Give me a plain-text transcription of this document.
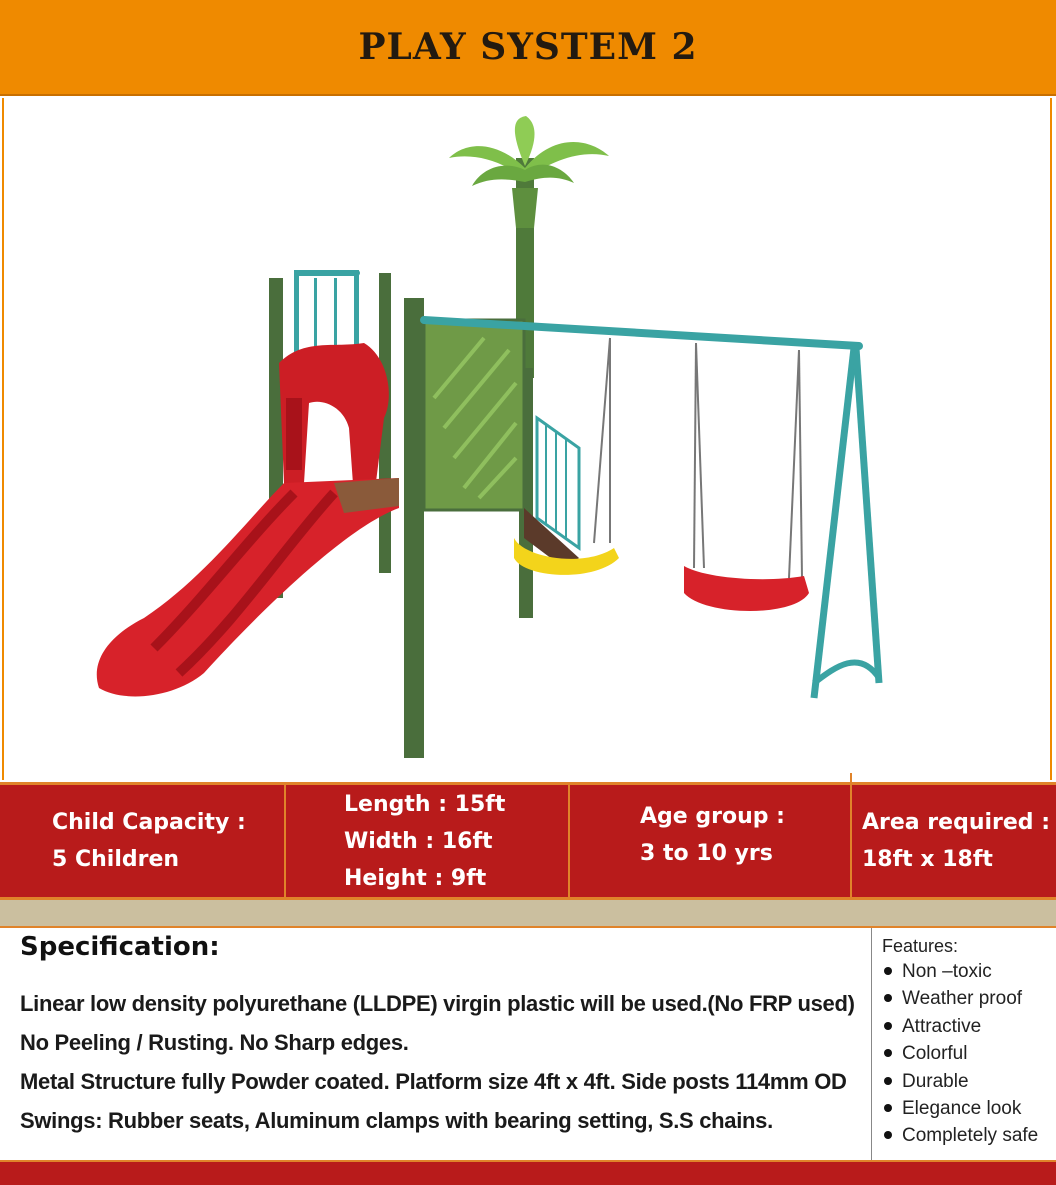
PLAY SYSTEM 2
Child Capacity :
5 Children
Length : 15ft
Width : 16ft
Height : 9ft
Age group :
3 to 10 yrs
Area required :
18ft x 18ft
Specification:
Linear low density polyurethane (LLDPE) virgin plastic will be used.(No FRP used)
No Peeling / Rusting. No Sharp edges.
Metal Structure fully Powder coated. Platform size 4ft x 4ft. Side posts 114mm OD
Swings: Rubber seats, Aluminum clamps with bearing setting, S.S chains.
Features:
Non –toxic
Weather proof
Attractive
Colorful
Durable
Elegance look
Completely safe
